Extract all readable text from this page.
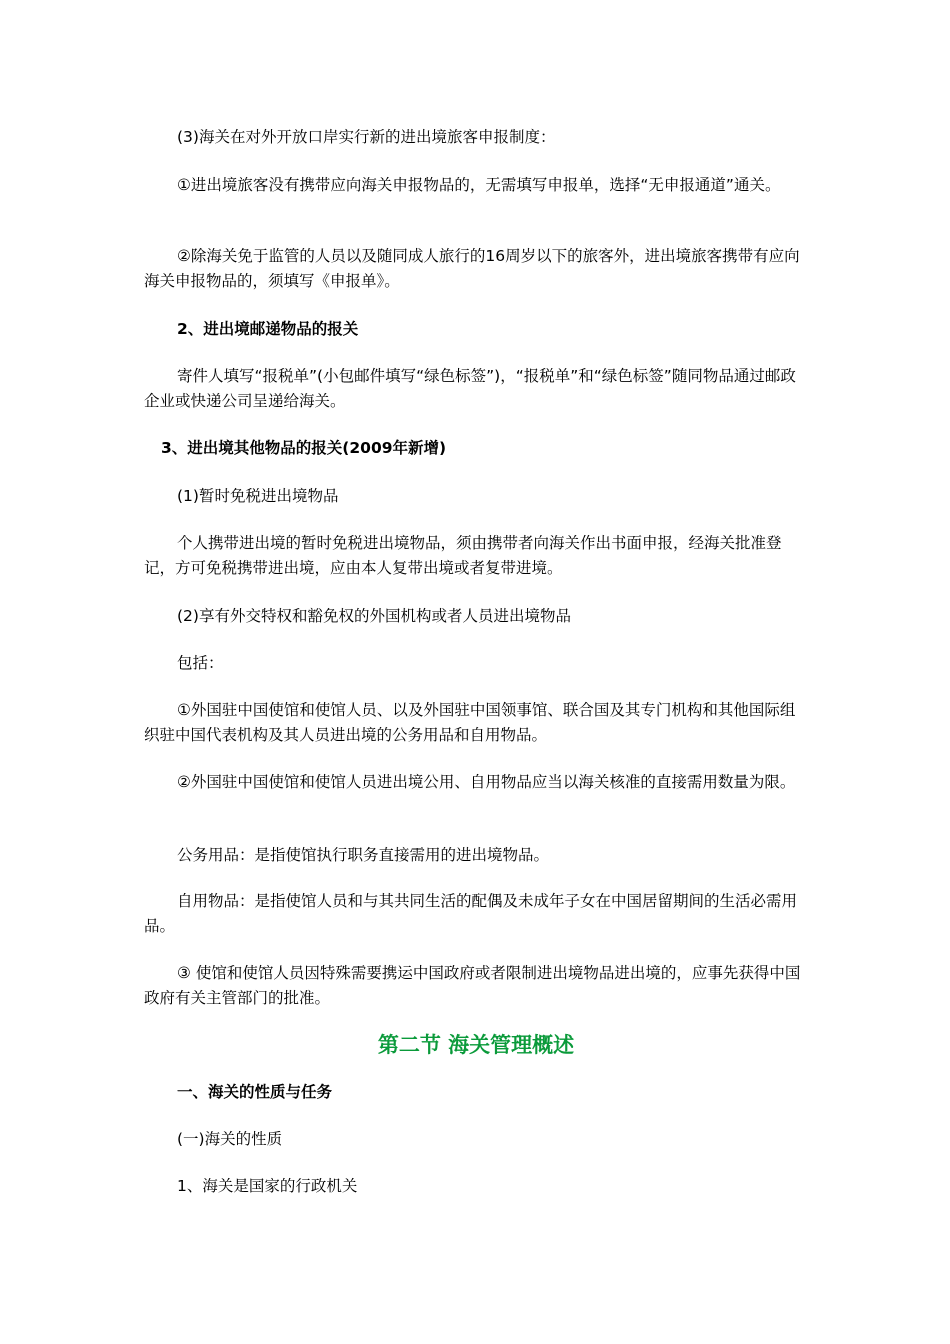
(3)海关在对外开放口岸实行新的进出境旅客申报制度：

①进出境旅客没有携带应向海关申报物品的，无需填写申报单，选择“无申报通道”通关。

②除海关免于监管的人员以及随同成人旅行的16周岁以下的旅客外，进出境旅客携带有应向海关申报物品的，须填写《申报单》。

2、进出境邮递物品的报关

寄件人填写“报税单”(小包邮件填写“绿色标签”)，“报税单”和“绿色标签”随同物品通过邮政企业或快递公司呈递给海关。

3、进出境其他物品的报关(2009年新增)

(1)暂时免税进出境物品

个人携带进出境的暂时免税进出境物品，须由携带者向海关作出书面申报，经海关批准登记，方可免税携带进出境，应由本人复带出境或者复带进境。

(2)享有外交特权和豁免权的外国机构或者人员进出境物品

包括：

①外国驻中国使馆和使馆人员、以及外国驻中国领事馆、联合国及其专门机构和其他国际组织驻中国代表机构及其人员进出境的公务用品和自用物品。

②外国驻中国使馆和使馆人员进出境公用、自用物品应当以海关核准的直接需用数量为限。

公务用品：是指使馆执行职务直接需用的进出境物品。

自用物品：是指使馆人员和与其共同生活的配偶及未成年子女在中国居留期间的生活必需用品。

③ 使馆和使馆人员因特殊需要携运中国政府或者限制进出境物品进出境的，应事先获得中国政府有关主管部门的批准。

第二节 海关管理概述

一、海关的性质与任务

(一)海关的性质

1、海关是国家的行政机关
